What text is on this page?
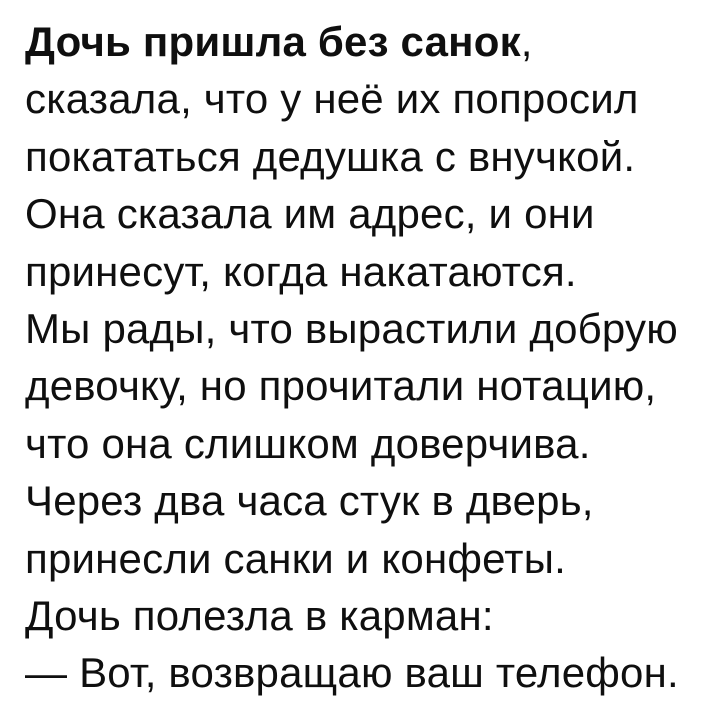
Дочь пришла без санок,
сказала, что у неё их попросил
покататься дедушка с внучкой.
Она сказала им адрес, и они
принесут, когда накатаются.
Мы рады, что вырастили добрую
девочку, но прочитали нотацию,
что она слишком доверчива.
Через два часа стук в дверь,
принесли санки и конфеты.
Дочь полезла в карман:
— Вот, возвращаю ваш телефон.
